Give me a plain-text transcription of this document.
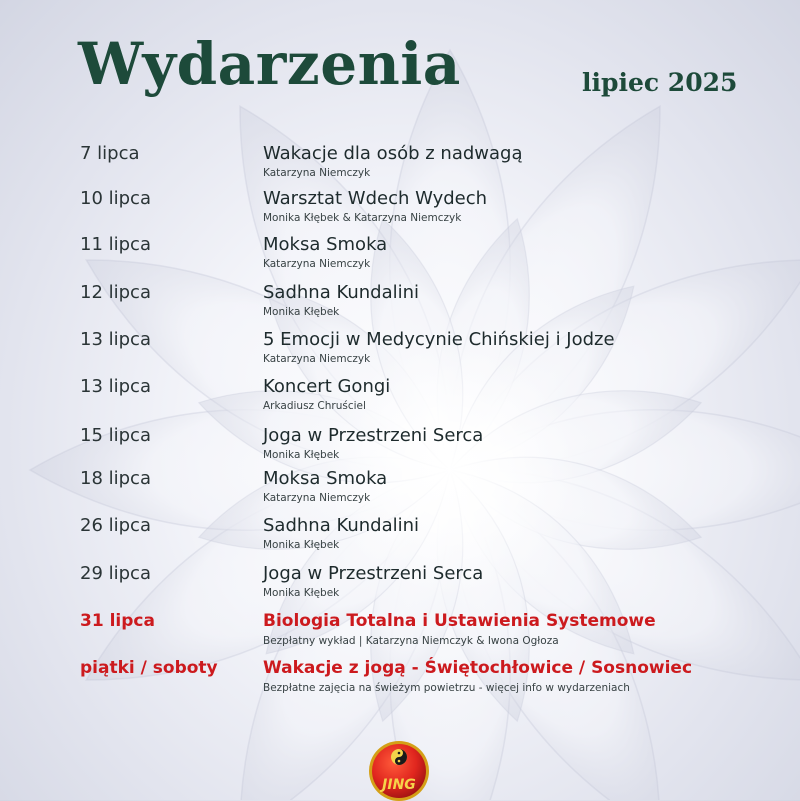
Wydarzenia	lipiec 2025
7 lipca	Wakacje dla osób z nadwagą
Katarzyna Niemczyk
10 lipca	Warsztat Wdech Wydech
Monika Kłębek & Katarzyna Niemczyk
11 lipca	Moksa Smoka
Katarzyna Niemczyk
12 lipca	Sadhna Kundalini
Monika Kłębek
13 lipca	5 Emocji w Medycynie Chińskiej i Jodze
Katarzyna Niemczyk
13 lipca	Koncert Gongi
Arkadiusz Chruściel
15 lipca	Joga w Przestrzeni Serca
Monika Kłębek
18 lipca	Moksa Smoka
Katarzyna Niemczyk
26 lipca	Sadhna Kundalini
Monika Kłębek
29 lipca	Joga w Przestrzeni Serca
Monika Kłębek
31 lipca	Biologia Totalna i Ustawienia Systemowe
Bezpłatny wykład | Katarzyna Niemczyk & Iwona Ogłoza
piątki / soboty	Wakacje z jogą - Świętochłowice / Sosnowiec
Bezpłatne zajęcia na świeżym powietrzu - więcej info w wydarzeniach
JING
